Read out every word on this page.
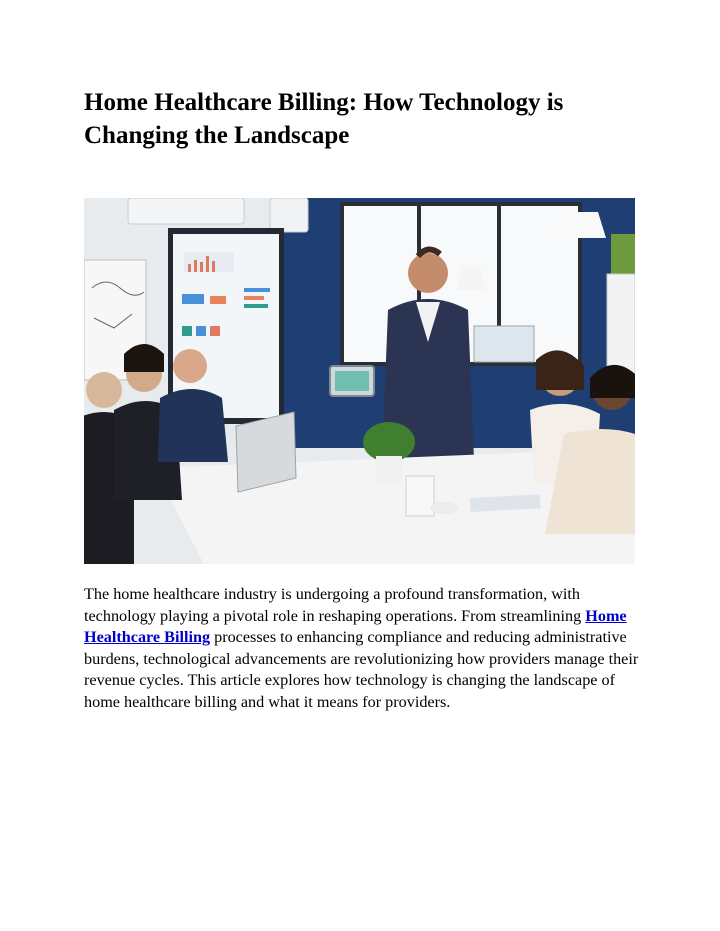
Home Healthcare Billing: How Technology is Changing the Landscape

The home healthcare industry is undergoing a profound transformation, with technology playing a pivotal role in reshaping operations. From streamlining Home Healthcare Billing processes to enhancing compliance and reducing administrative burdens, technological advancements are revolutionizing how providers manage their revenue cycles. This article explores how technology is changing the landscape of home healthcare billing and what it means for providers.
